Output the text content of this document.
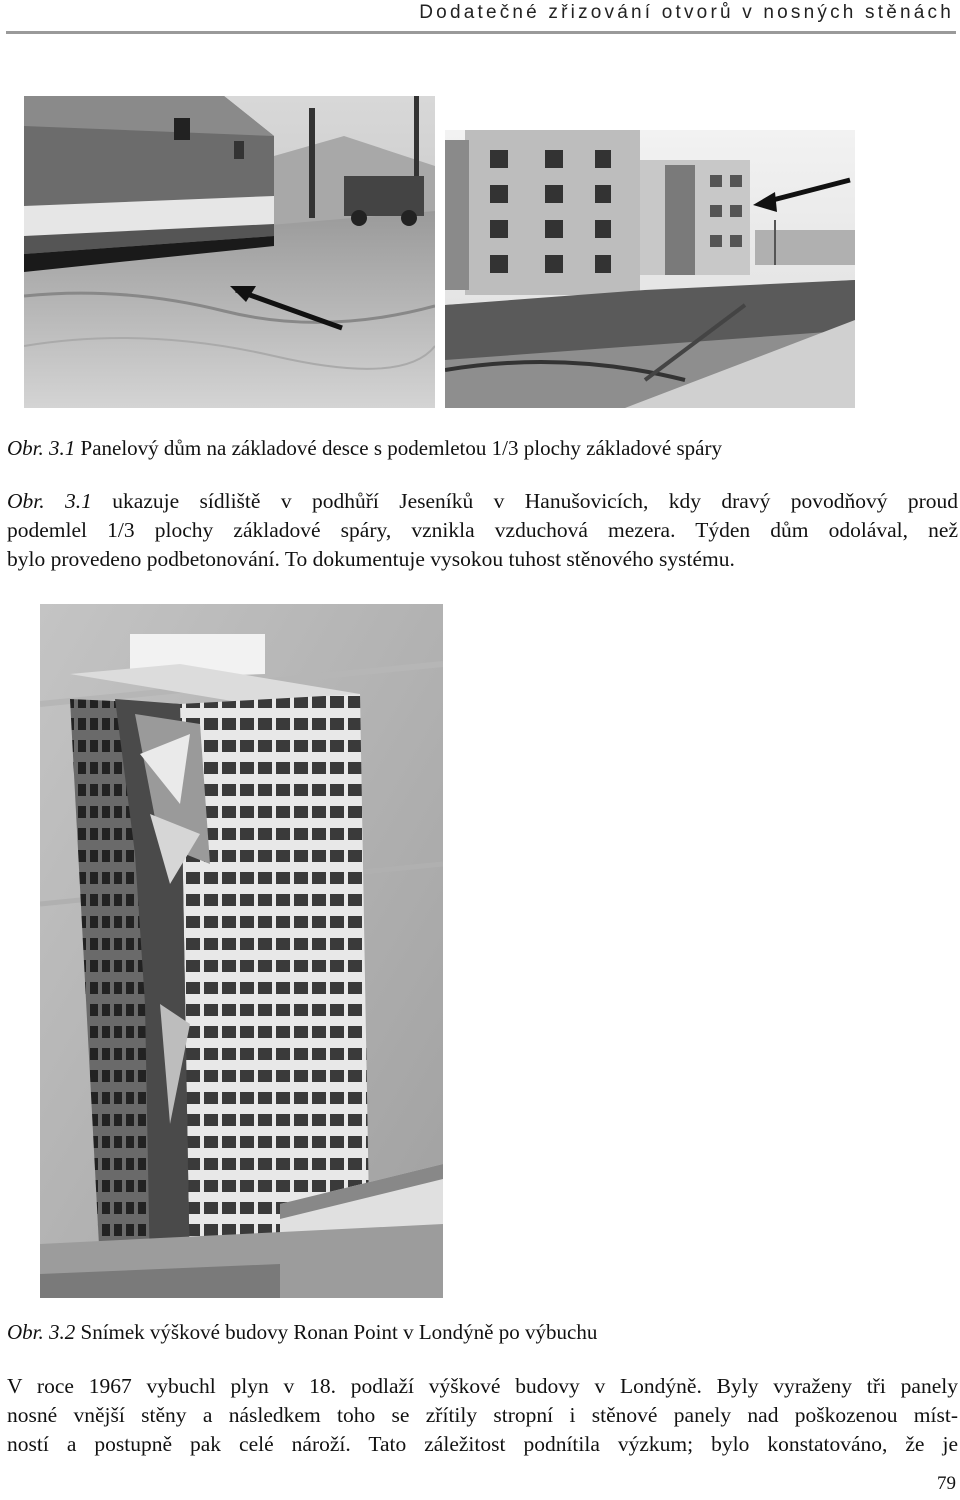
Dodatečné zřizování otvorů v nosných stěnách
Obr. 3.1 Panelový dům na základové desce s podemletou 1/3 plochy základové spáry
Obr. 3.1 ukazuje sídliště v podhůří Jeseníků v Hanušovicích, kdy dravý povodňový proud
podemlel 1/3 plochy základové spáry, vznikla vzduchová mezera. Týden dům odolával, než
bylo provedeno podbetonování. To dokumentuje vysokou tuhost stěnového systému.
Obr. 3.2 Snímek výškové budovy Ronan Point v Londýně po výbuchu
V roce 1967 vybuchl plyn v 18. podlaží výškové budovy v Londýně. Byly vyraženy tři panely
nosné vnější stěny a následkem toho se zřítily stropní i stěnové panely nad poškozenou míst-
ností a postupně pak celé nároží. Tato záležitost podnítila výzkum; bylo konstatováno, že je
79
